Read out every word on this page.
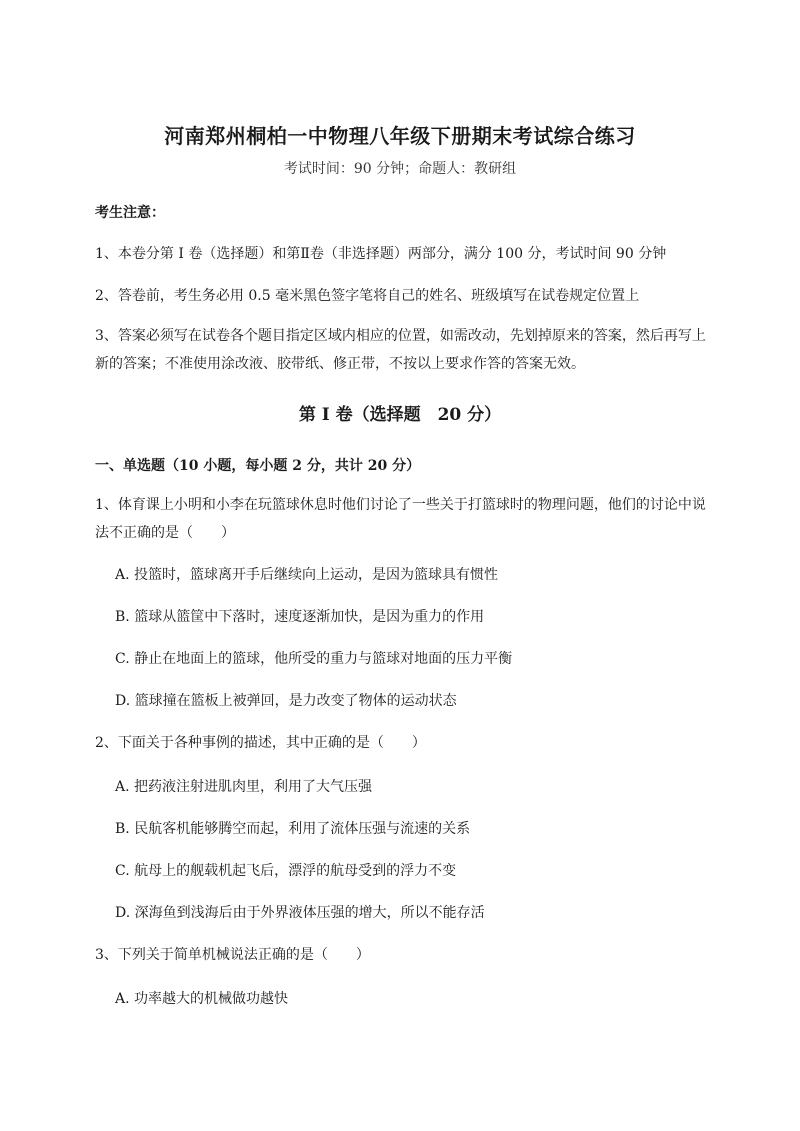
河南郑州桐柏一中物理八年级下册期末考试综合练习
考试时间：90 分钟；命题人：教研组
考生注意：
1、本卷分第 I 卷（选择题）和第Ⅱ卷（非选择题）两部分，满分 100 分，考试时间 90 分钟
2、答卷前，考生务必用 0.5 毫米黑色签字笔将自己的姓名、班级填写在试卷规定位置上
3、答案必须写在试卷各个题目指定区域内相应的位置，如需改动，先划掉原来的答案，然后再写上新的答案；不准使用涂改液、胶带纸、修正带，不按以上要求作答的答案无效。
第 I 卷（选择题　20 分）
一、单选题（10 小题，每小题 2 分，共计 20 分）
1、体育课上小明和小李在玩篮球休息时他们讨论了一些关于打篮球时的物理问题，他们的讨论中说法不正确的是（　　）
A. 投篮时，篮球离开手后继续向上运动，是因为篮球具有惯性
B. 篮球从篮筐中下落时，速度逐渐加快，是因为重力的作用
C. 静止在地面上的篮球，他所受的重力与篮球对地面的压力平衡
D. 篮球撞在篮板上被弹回，是力改变了物体的运动状态
2、下面关于各种事例的描述，其中正确的是（　　）
A. 把药液注射进肌肉里，利用了大气压强
B. 民航客机能够腾空而起，利用了流体压强与流速的关系
C. 航母上的舰载机起飞后，漂浮的航母受到的浮力不变
D. 深海鱼到浅海后由于外界液体压强的增大，所以不能存活
3、下列关于简单机械说法正确的是（　　）
A. 功率越大的机械做功越快
